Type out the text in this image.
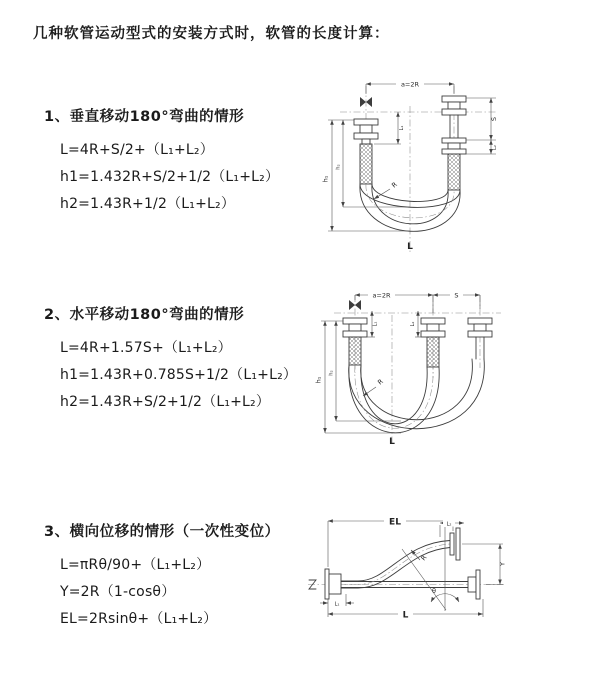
几种软管运动型式的安装方式时，软管的长度计算：
1、垂直移动180°弯曲的情形
L=4R+S/2+（L₁+L₂）
h1=1.432R+S/2+1/2（L₁+L₂）
h2=1.43R+1/2（L₁+L₂）
2、水平移动180°弯曲的情形
L=4R+1.57S+（L₁+L₂）
h1=1.43R+0.785S+1/2（L₁+L₂）
h2=1.43R+S/2+1/2（L₁+L₂）
3、横向位移的情形（一次性变位）
L=πRθ/90+（L₁+L₂）
Y=2R（1-cosθ）
EL=2Rsinθ+（L₁+L₂）
a=2R
h₁
h₂
L₁
S
L₂
R
L
a=2R	S
h₁
h₂
L₁	L₂
R
L
EL	L₂
Y
θ
R
L₁
L
